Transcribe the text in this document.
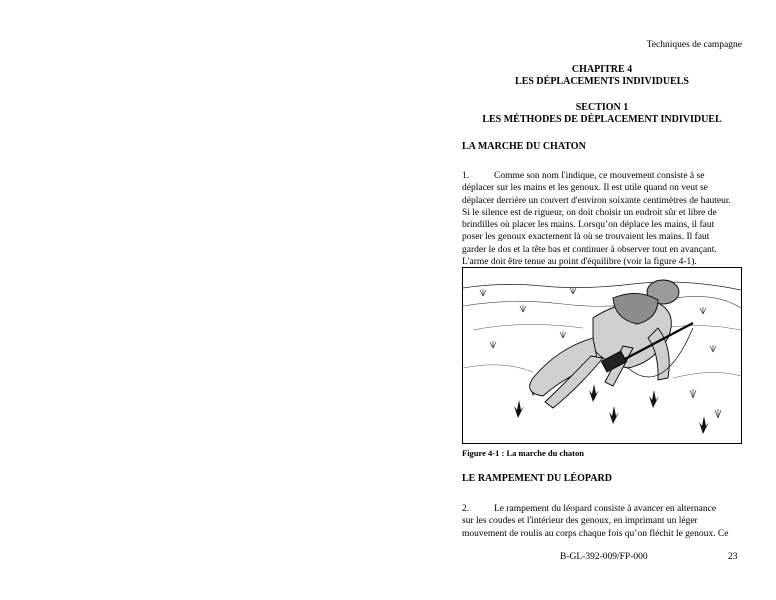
Techniques de campagne
CHAPITRE 4
LES DÉPLACEMENTS INDIVIDUELS
SECTION 1
LES MÉTHODES DE DÉPLACEMENT INDIVIDUEL
LA MARCHE DU CHATON
1.	Comme son nom l'indique, ce mouvement consiste à se
déplacer sur les mains et les genoux. Il est utile quand on veut se
déplacer derrière un couvert d'environ soixante centimètres de hauteur.
Si le silence est de rigueur, on doit choisir un endroit sûr et libre de
brindilles où placer les mains. Lorsqu’on déplace les mains, il faut
poser les genoux exactement là où se trouvaient les mains. Il faut
garder le dos et la tête bas et continuer à observer tout en avançant.
L'arme doit être tenue au point d'équilibre (voir la figure 4-1).
Figure 4-1 : La marche du chaton
LE RAMPEMENT DU LÉOPARD
2.	Le rampement du léopard consiste à avancer en alternance
sur les coudes et l'intérieur des genoux, en imprimant un léger
mouvement de roulis au corps chaque fois qu’on fléchit le genoux. Ce
B-GL-392-009/FP-000	23
